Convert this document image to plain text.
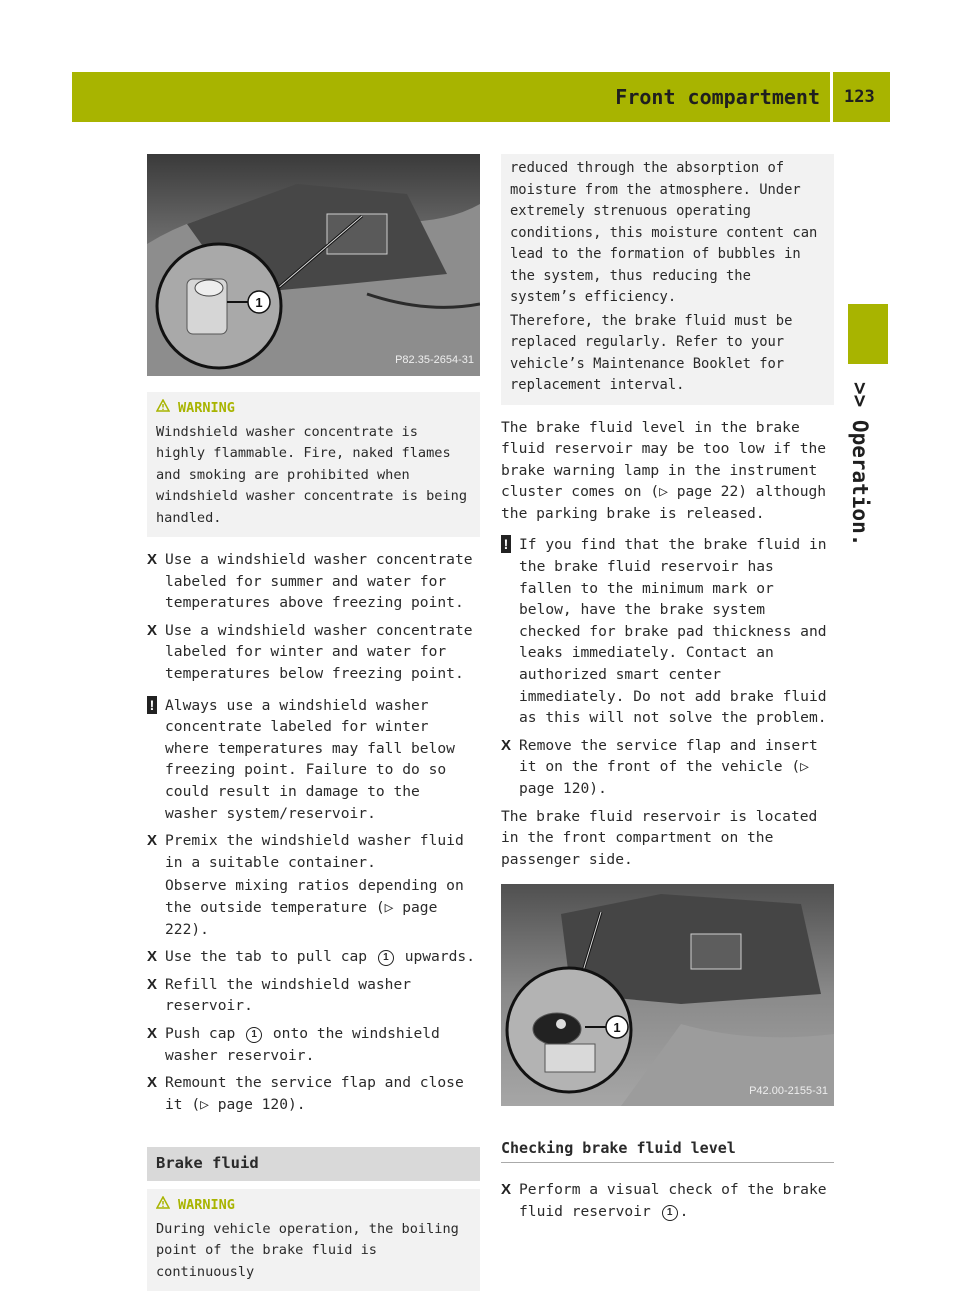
Front compartment 123
>> Operation.
1
P82.35-2654-31
WARNING
Windshield washer concentrate is highly flammable. Fire, naked flames and smoking are prohibited when windshield washer concentrate is being handled.
X Use a windshield washer concentrate labeled for summer and water for temperatures above freezing point.
X Use a windshield washer concentrate labeled for winter and water for temperatures below freezing point.
! Always use a windshield washer concentrate labeled for winter where temperatures may fall below freezing point. Failure to do so could result in damage to the washer system/reservoir.
X Premix the windshield washer fluid in a suitable container.
Observe mixing ratios depending on the outside temperature (▷ page 222).
X Use the tab to pull cap 1 upwards.
X Refill the windshield washer reservoir.
X Push cap 1 onto the windshield washer reservoir.
X Remount the service flap and close it (▷ page 120).
Brake fluid
WARNING
During vehicle operation, the boiling point of the brake fluid is continuously
reduced through the absorption of moisture from the atmosphere. Under extremely strenuous operating conditions, this moisture content can lead to the formation of bubbles in the system, thus reducing the system’s efficiency.
Therefore, the brake fluid must be replaced regularly. Refer to your vehicle’s Maintenance Booklet for replacement interval.
The brake fluid level in the brake fluid reservoir may be too low if the brake warning lamp in the instrument cluster comes on (▷ page 22) although the parking brake is released.
! If you find that the brake fluid in the brake fluid reservoir has fallen to the minimum mark or below, have the brake system checked for brake pad thickness and leaks immediately. Contact an authorized smart center immediately. Do not add brake fluid as this will not solve the problem.
X Remove the service flap and insert it on the front of the vehicle (▷ page 120).
The brake fluid reservoir is located in the front compartment on the passenger side.
1
P42.00-2155-31
Checking brake fluid level
X Perform a visual check of the brake fluid reservoir 1 .
